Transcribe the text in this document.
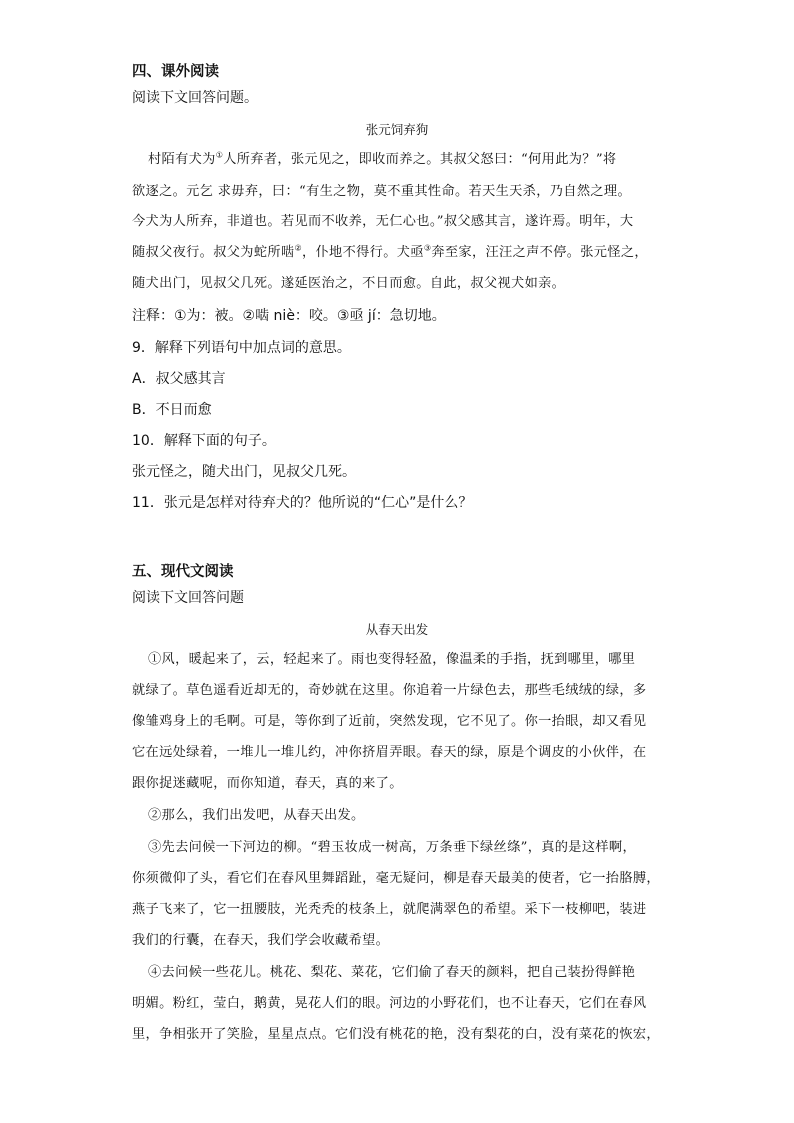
四、课外阅读
阅读下文回答问题。
张元饲弃狗
村陌有犬为①人所弃者，张元见之，即收而养之。其叔父怒曰：“何用此为？”将
欲逐之。元乞 求毋弃，曰：“有生之物，莫不重其性命。若天生天杀，乃自然之理。
今犬为人所弃，非道也。若见而不收养，无仁心也。”叔父感其言，遂许焉。明年，大
随叔父夜行。叔父为蛇所啮②，仆地不得行。犬亟③奔至家，汪汪之声不停。张元怪之，
随犬出门，见叔父几死。遂延医治之，不日而愈。自此，叔父视犬如亲。
注释：①为：被。②啮 niè：咬。③亟 jí：急切地。
9．解释下列语句中加点词的意思。
A．叔父感其言
B．不日而愈
10．解释下面的句子。
张元怪之，随犬出门，见叔父几死。
11．张元是怎样对待弃犬的？他所说的“仁心”是什么？
五、现代文阅读
阅读下文回答问题
从春天出发
①风，暖起来了，云，轻起来了。雨也变得轻盈，像温柔的手指，抚到哪里，哪里
就绿了。草色遥看近却无的，奇妙就在这里。你追着一片绿色去，那些毛绒绒的绿，多
像雏鸡身上的毛啊。可是，等你到了近前，突然发现，它不见了。你一抬眼，却又看见
它在远处绿着，一堆儿一堆儿约，冲你挤眉弄眼。春天的绿，原是个调皮的小伙伴，在
跟你捉迷藏呢，而你知道，春天，真的来了。
②那么，我们出发吧，从春天出发。
③先去问候一下河边的柳。“碧玉妆成一树高，万条垂下绿丝绦”，真的是这样啊，
你须微仰了头，看它们在春风里舞蹈趾，毫无疑问，柳是春天最美的使者，它一抬胳膊，
燕子飞来了，它一扭腰肢，光秃秃的枝条上，就爬满翠色的希望。采下一枝柳吧，装进
我们的行囊，在春天，我们学会收藏希望。
④去问候一些花儿。桃花、梨花、菜花，它们偷了春天的颜料，把自己装扮得鲜艳
明媚。粉红，莹白，鹅黄，晃花人们的眼。河边的小野花们，也不让春天，它们在春风
里，争相张开了笑脸，星星点点。它们没有桃花的艳，没有梨花的白，没有菜花的恢宏，
